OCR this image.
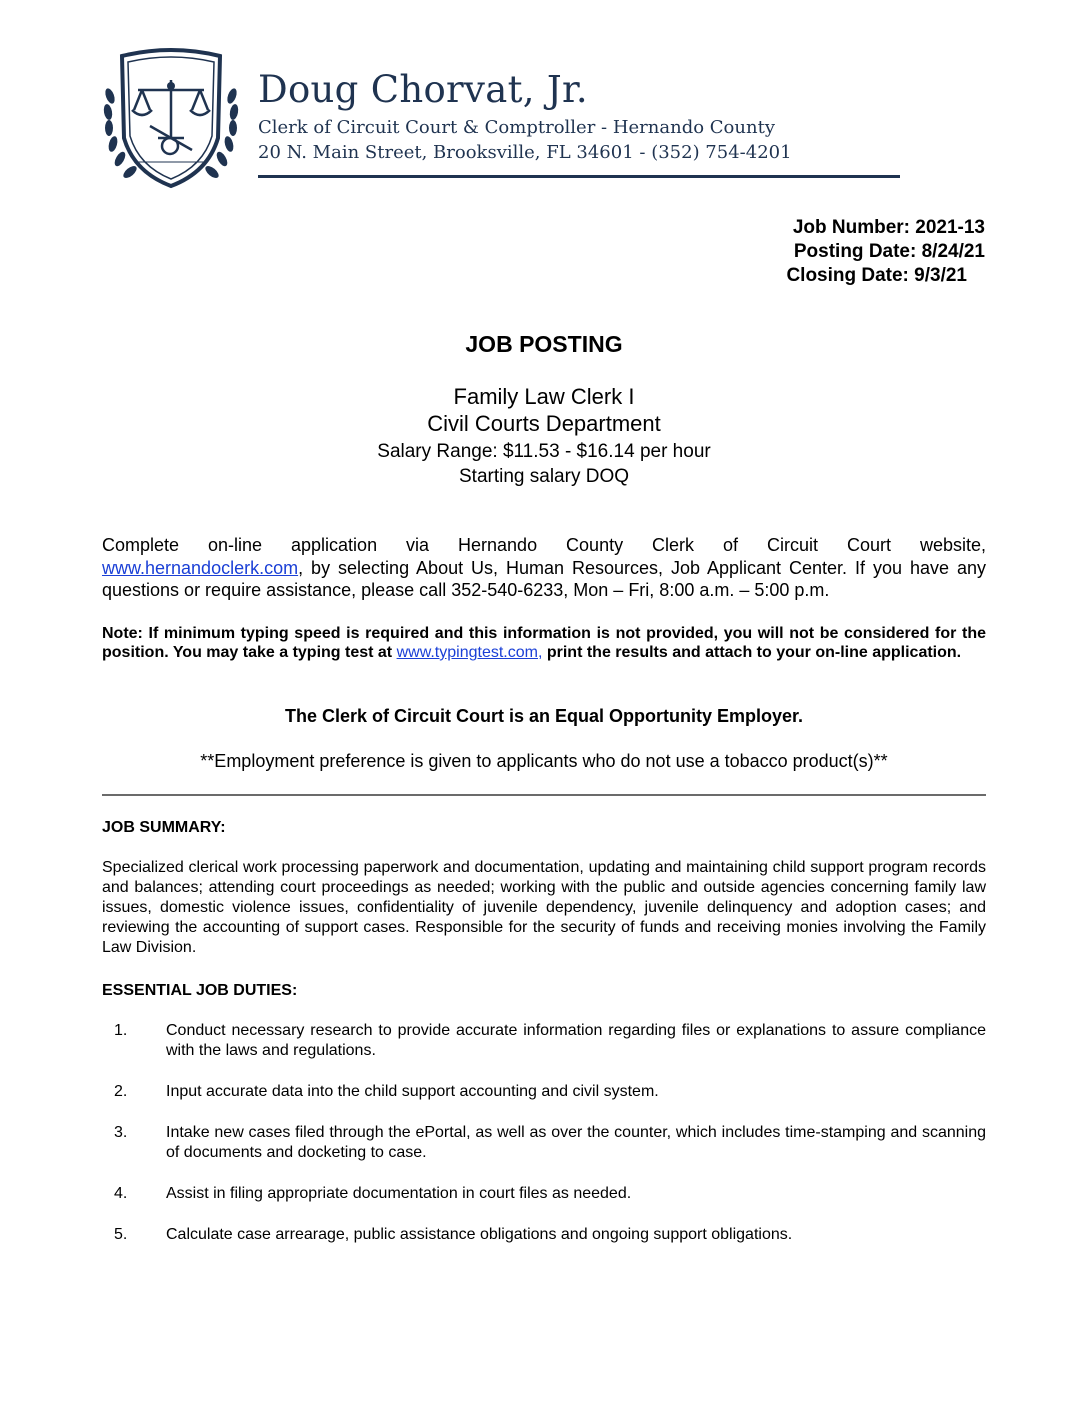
Doug Chorvat, Jr.
Clerk of Circuit Court & Comptroller - Hernando County
20 N. Main Street, Brooksville, FL 34601 - (352) 754-4201
Job Number: 2021-13
Posting Date: 8/24/21
Closing Date: 9/3/21
JOB POSTING
Family Law Clerk I
Civil Courts Department
Salary Range: $11.53 - $16.14 per hour
Starting salary DOQ
Complete on-line application via Hernando County Clerk of Circuit Court website,
www.hernandoclerk.com, by selecting About Us, Human Resources, Job Applicant Center. If you have any questions or require assistance, please call 352-540-6233, Mon – Fri, 8:00 a.m. – 5:00 p.m.
Note: If minimum typing speed is required and this information is not provided, you will not be considered for the position. You may take a typing test at www.typingtest.com, print the results and attach to your on-line application.
The Clerk of Circuit Court is an Equal Opportunity Employer.
**Employment preference is given to applicants who do not use a tobacco product(s)**
JOB SUMMARY:
Specialized clerical work processing paperwork and documentation, updating and maintaining child support program records and balances; attending court proceedings as needed; working with the public and outside agencies concerning family law issues, domestic violence issues, confidentiality of juvenile dependency, juvenile delinquency and adoption cases; and reviewing the accounting of support cases. Responsible for the security of funds and receiving monies involving the Family Law Division.
ESSENTIAL JOB DUTIES:
1. Conduct necessary research to provide accurate information regarding files or explanations to assure compliance with the laws and regulations.
2. Input accurate data into the child support accounting and civil system.
3. Intake new cases filed through the ePortal, as well as over the counter, which includes time-stamping and scanning of documents and docketing to case.
4. Assist in filing appropriate documentation in court files as needed.
5. Calculate case arrearage, public assistance obligations and ongoing support obligations.
